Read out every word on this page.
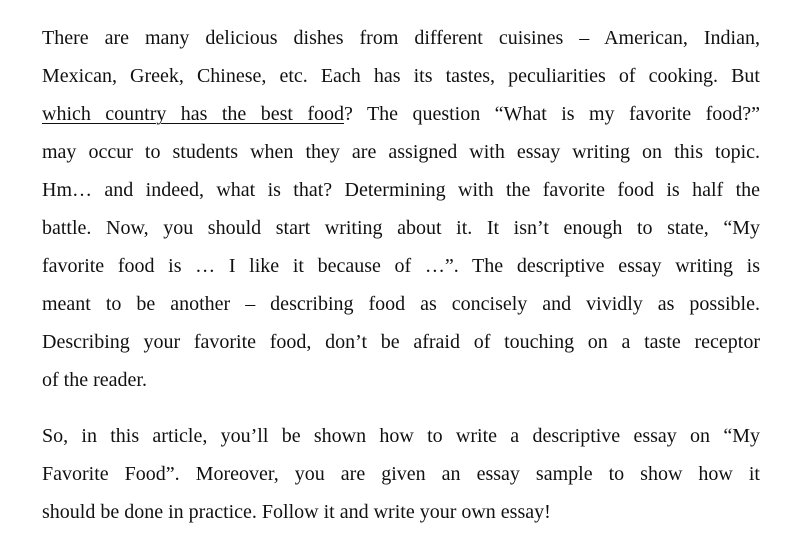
There are many delicious dishes from different cuisines – American, Indian,
Mexican, Greek, Chinese, etc. Each has its tastes, peculiarities of cooking. But
which country has the best food? The question “What is my favorite food?”
may occur to students when they are assigned with essay writing on this topic.
Hm… and indeed, what is that? Determining with the favorite food is half the
battle. Now, you should start writing about it. It isn’t enough to state, “My
favorite food is … I like it because of …”. The descriptive essay writing is
meant to be another – describing food as concisely and vividly as possible.
Describing your favorite food, don’t be afraid of touching on a taste receptor
of the reader.
So, in this article, you’ll be shown how to write a descriptive essay on “My
Favorite Food”. Moreover, you are given an essay sample to show how it
should be done in practice. Follow it and write your own essay!
